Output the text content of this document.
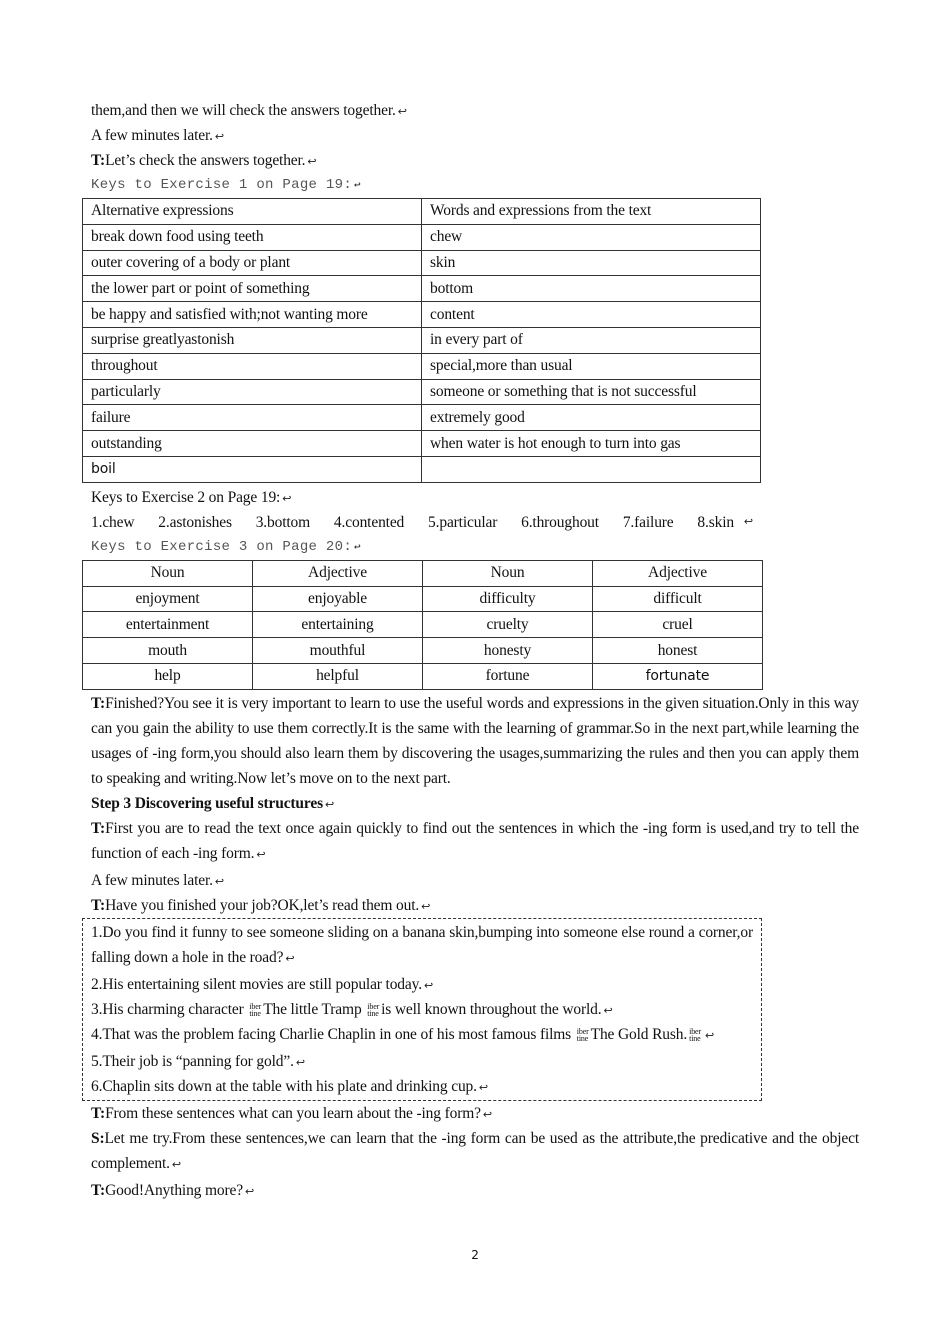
them,and then we will check the answers together. ↩
A few minutes later. ↩
T:Let’s check the answers together. ↩
Keys to Exercise 1 on Page 19: ↩
Alternative expressions	Words and expressions from the text
break down food using teeth	chew
outer covering of a body or plant	skin
the lower part or point of something	bottom
be happy and satisfied with;not wanting more	content
surprise greatlyastonish	in every part of
throughout	special,more than usual
particularly	someone or something that is not successful
failure	extremely good
outstanding	when water is hot enough to turn into gas
boil	
Keys to Exercise 2 on Page 19: ↩
1.chew 2.astonishes 3.bottom 4.contented 5.particular 6.throughout 7.failure 8.skin ↩
Keys to Exercise 3 on Page 20: ↩
Noun	Adjective	Noun	Adjective
enjoyment	enjoyable	difficulty	difficult
entertainment	entertaining	cruelty	cruel
mouth	mouthful	honesty	honest
help	helpful	fortune	fortunate
T:Finished?You see it is very important to learn to use the useful words and expressions in the given situation.Only in this way can you gain the ability to use them correctly.It is the same with the learning of grammar.So in the next part,while learning the usages of -ing form,you should also learn them by discovering the usages,summarizing the rules and then you can apply them to speaking and writing.Now let’s move on to the next part.
Step 3 Discovering useful structures ↩
T:First you are to read the text once again quickly to find out the sentences in which the -ing form is used,and try to tell the function of each -ing form. ↩
A few minutes later. ↩
T:Have you finished your job?OK,let’s read them out. ↩
1.Do you find it funny to see someone sliding on a banana skin,bumping into someone else round a corner,or falling down a hole in the road? ↩
2.His entertaining silent movies are still popular today. ↩
3.His charming character iber
tine The little Tramp iber
tine is well known throughout the world. ↩
4.That was the problem facing Charlie Chaplin in one of his most famous films iber
tine The Gold Rush. iber
tine ↩
5.Their job is “panning for gold”. ↩
6.Chaplin sits down at the table with his plate and drinking cup. ↩
T:From these sentences what can you learn about the -ing form? ↩
S:Let me try.From these sentences,we can learn that the -ing form can be used as the attribute,the predicative and the object complement. ↩
T:Good!Anything more? ↩
2
